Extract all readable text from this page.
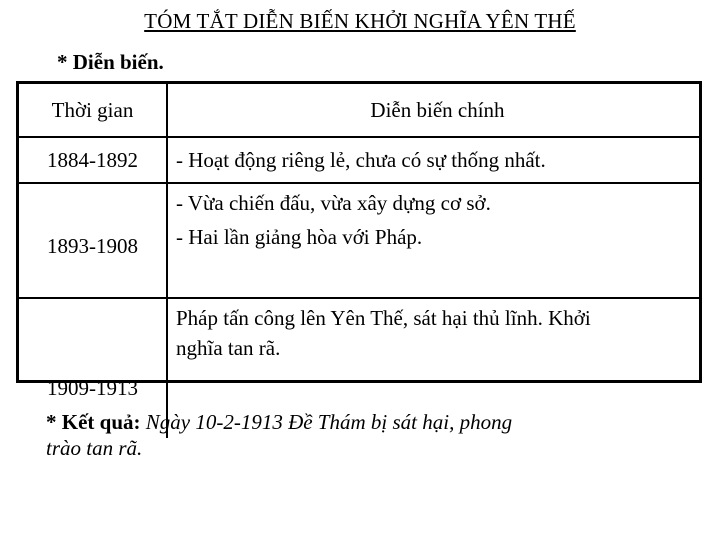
TÓM TẮT DIỄN BIẾN KHỞI NGHĨA YÊN THẾ
* Diễn biến.
Thời gian	Diễn biến chính
1884-1892	- Hoạt động riêng lẻ, chưa có sự thống nhất.

1893-1908	- Vừa chiến đấu, vừa xây dựng cơ sở.
- Hai lần giảng hòa với Pháp.

1909-1913	Pháp tấn công lên Yên Thế, sát hại thủ lĩnh. Khởi
nghĩa tan rã.
* Kết quả: Ngày 10-2-1913 Đề Thám bị sát hại, phong
trào tan rã.
